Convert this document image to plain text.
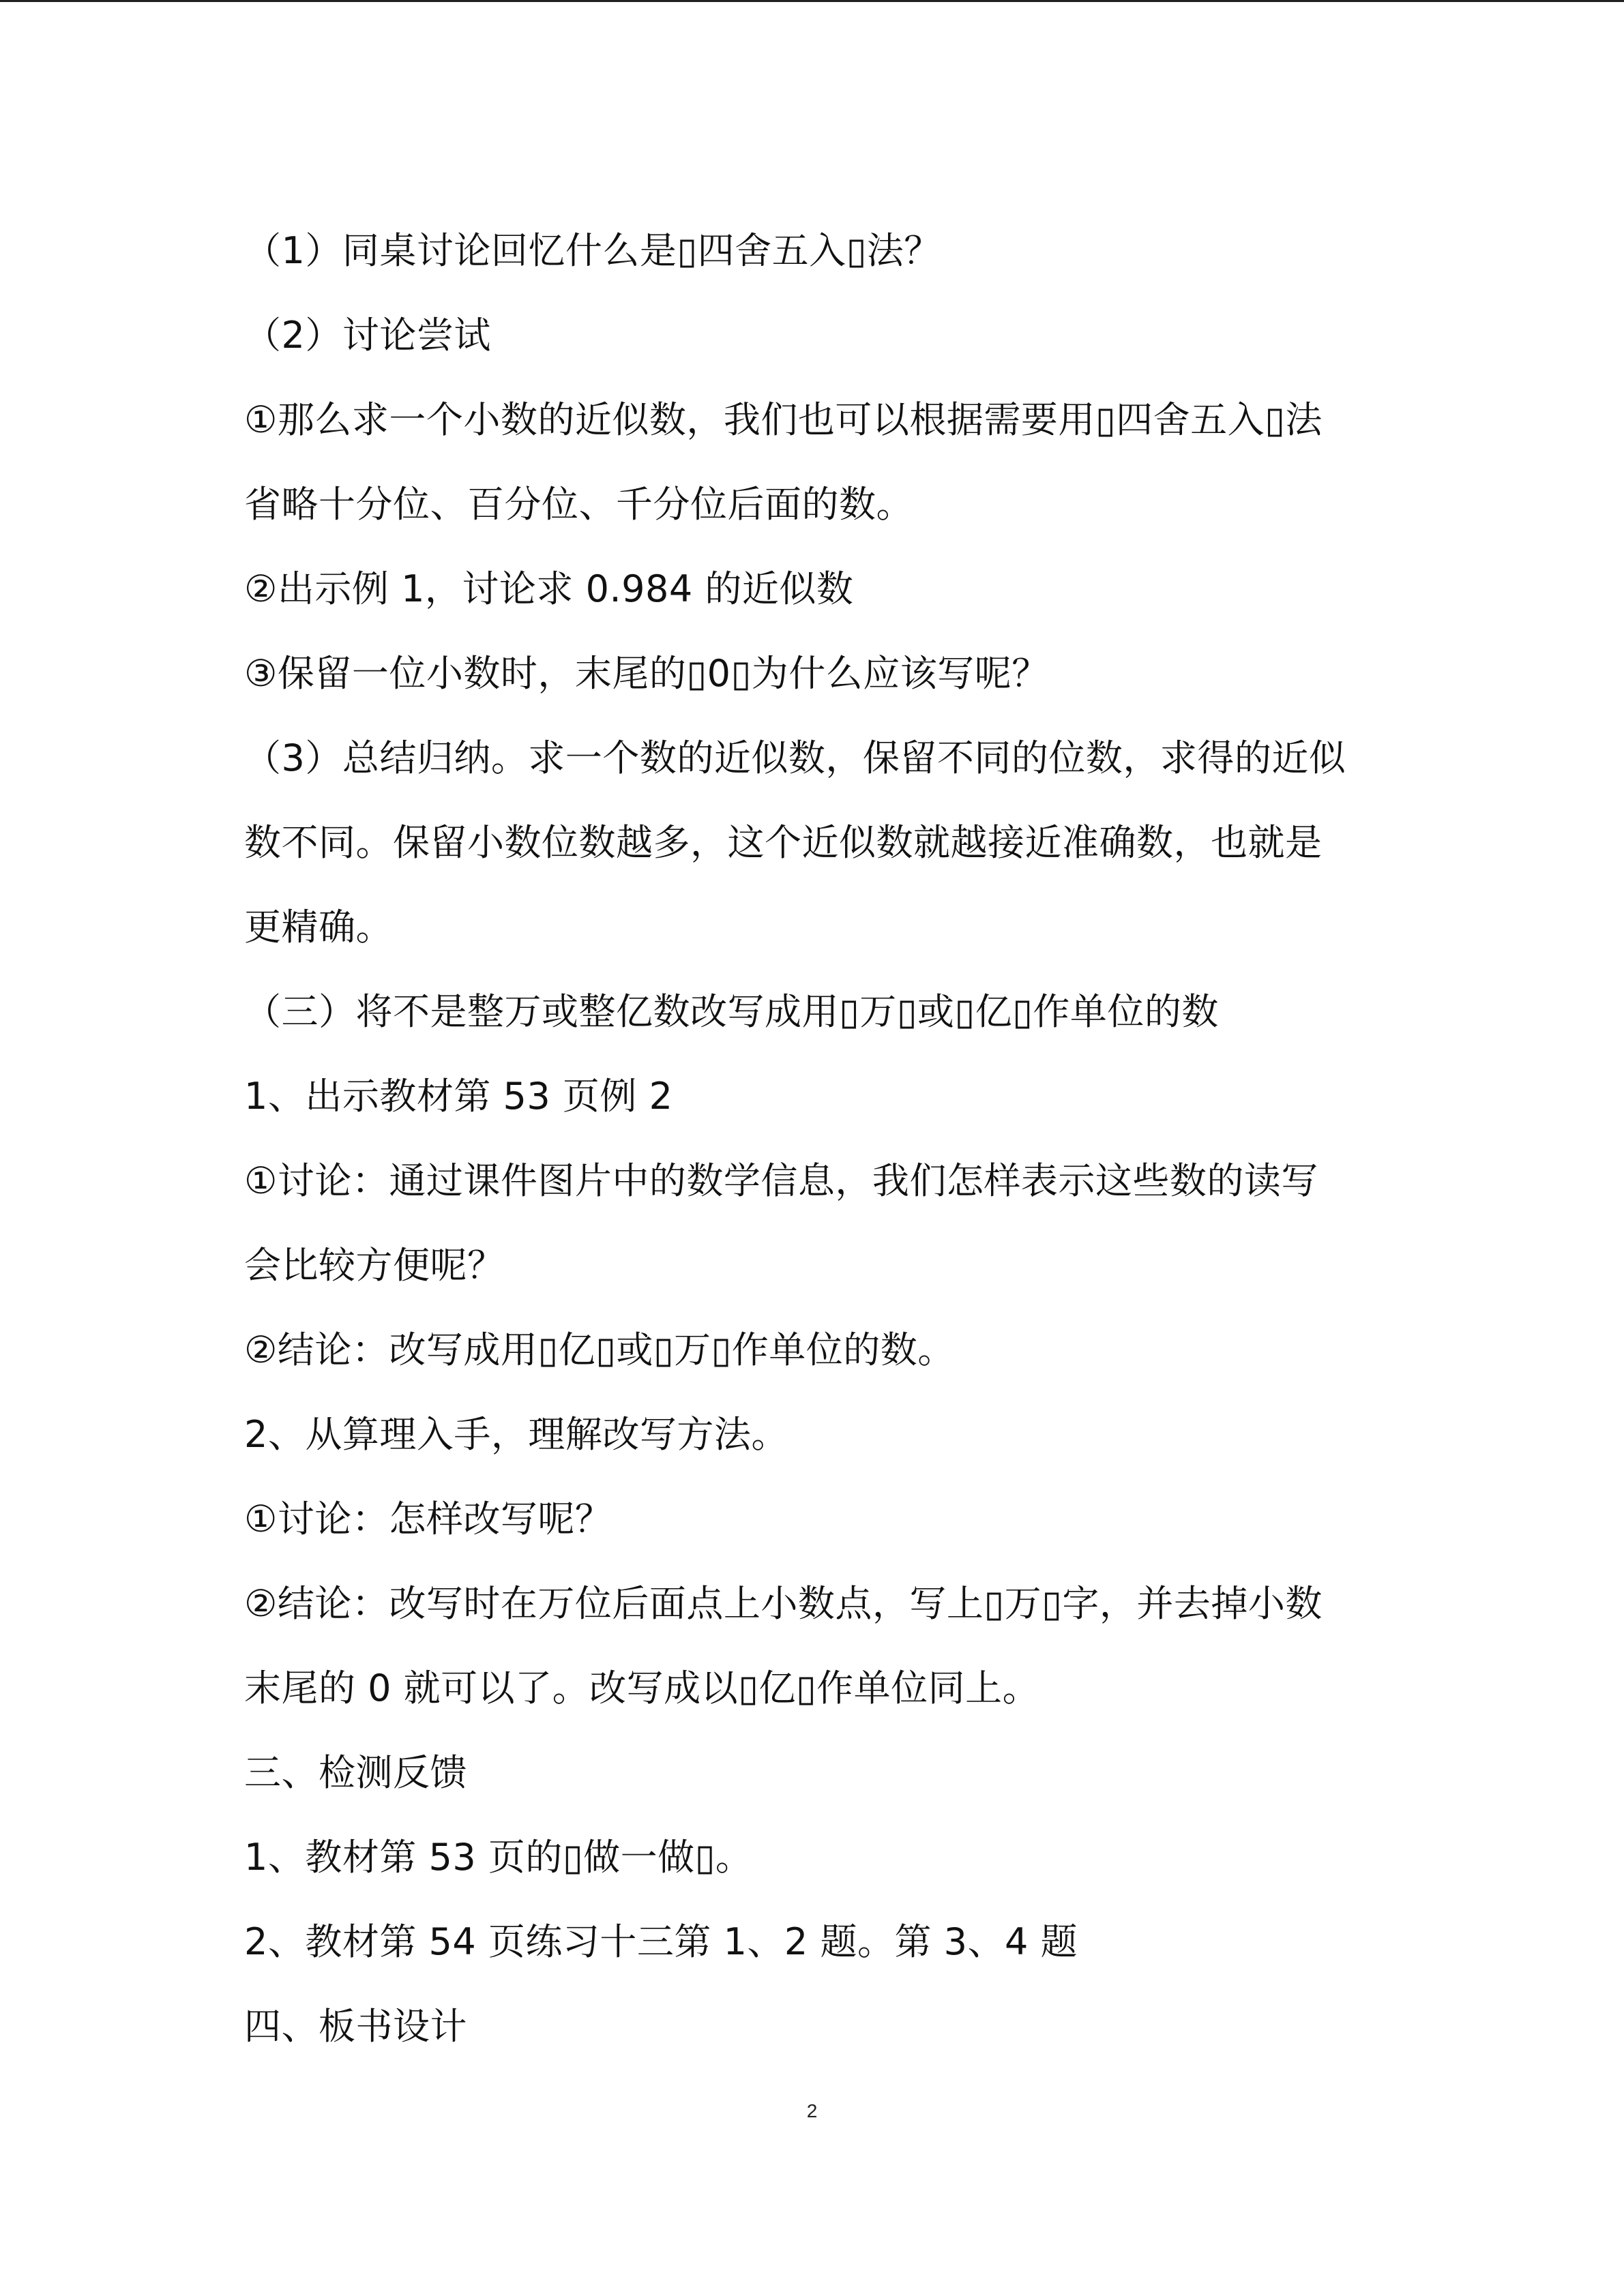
（1）同桌讨论回忆什么是▯四舍五入▯法？
（2）讨论尝试
①那么求一个小数的近似数，我们也可以根据需要用▯四舍五入▯法
省略十分位、百分位、千分位后面的数。
②出示例 1，讨论求 0.984 的近似数
③保留一位小数时，末尾的▯0▯为什么应该写呢？
（3）总结归纳。求一个数的近似数，保留不同的位数，求得的近似
数不同。保留小数位数越多，这个近似数就越接近准确数，也就是
更精确。
（三）将不是整万或整亿数改写成用▯万▯或▯亿▯作单位的数
1、出示教材第 53 页例 2
①讨论：通过课件图片中的数学信息，我们怎样表示这些数的读写
会比较方便呢？
②结论：改写成用▯亿▯或▯万▯作单位的数。
2、从算理入手，理解改写方法。
①讨论：怎样改写呢？
②结论：改写时在万位后面点上小数点，写上▯万▯字，并去掉小数
末尾的 0 就可以了。改写成以▯亿▯作单位同上。
三、检测反馈
1、教材第 53 页的▯做一做▯。
2、教材第 54 页练习十三第 1、2 题。第 3、4 题
四、板书设计
2
